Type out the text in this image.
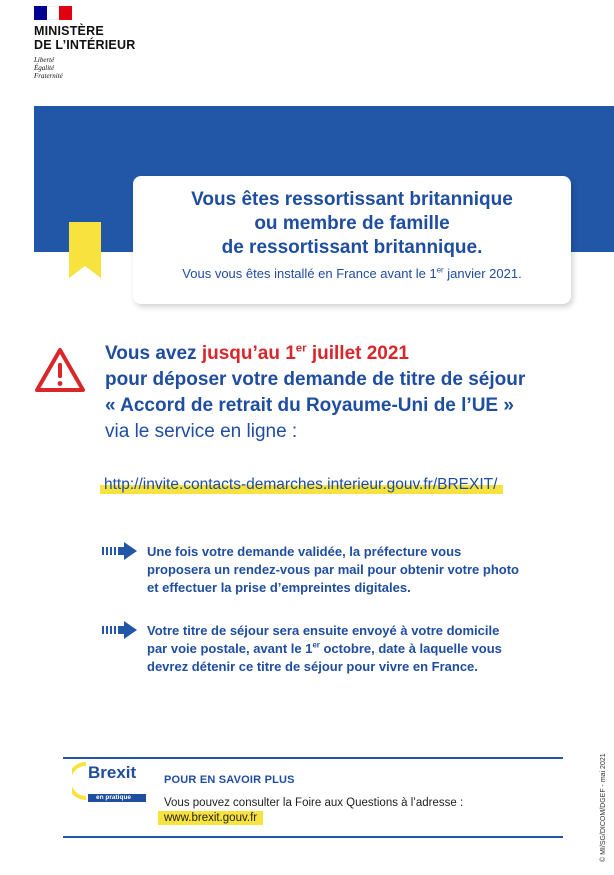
MINISTÈRE
DE L’INTÉRIEUR
Liberté
Égalité
Fraternité
Vous êtes ressortissant britannique
ou membre de famille
de ressortissant britannique.
Vous vous êtes installé en France avant le 1er janvier 2021.
Vous avez jusqu’au 1er juillet 2021
pour déposer votre demande de titre de séjour
« Accord de retrait du Royaume-Uni de l’UE »
via le service en ligne :
http://invite.contacts-demarches.interieur.gouv.fr/BREXIT/
Une fois votre demande validée, la préfecture vous
proposera un rendez-vous par mail pour obtenir votre photo
et effectuer la prise d’empreintes digitales.
Votre titre de séjour sera ensuite envoyé à votre domicile
par voie postale, avant le 1er octobre, date à laquelle vous
devrez détenir ce titre de séjour pour vivre en France.
Brexit
en pratique
POUR EN SAVOIR PLUS
Vous pouvez consulter la Foire aux Questions à l’adresse :
www.brexit.gouv.fr	© MI/SG/DICOM/DGEF - mai 2021
